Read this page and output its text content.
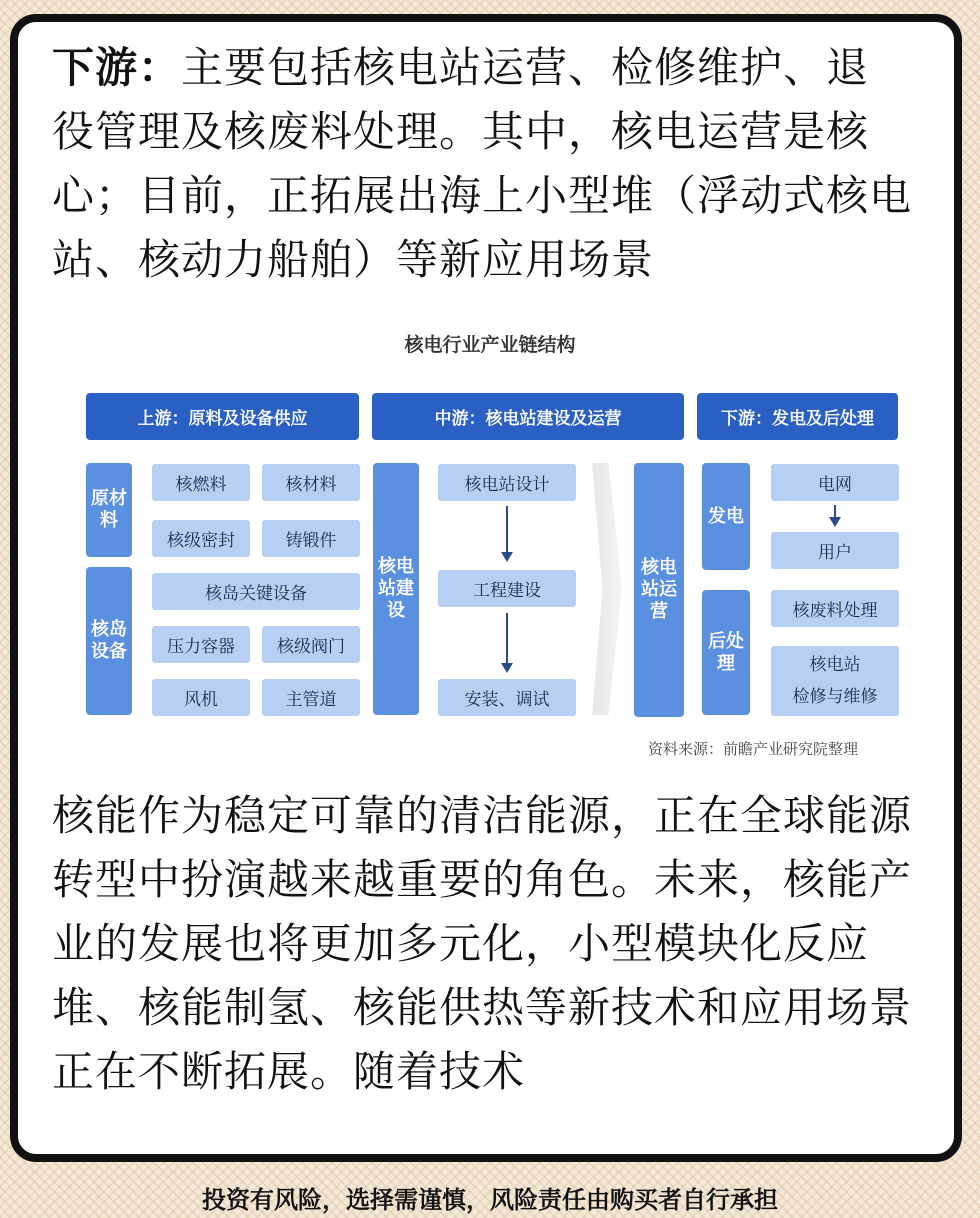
下游：主要包括核电站运营、检修维护、退役管理及核废料处理。其中，核电运营是核心；目前，正拓展出海上小型堆（浮动式核电站、核动力船舶）等新应用场景

核电行业产业链结构
上游：原料及设备供应	中游：核电站建设及运营	下游：发电及后处理
原材料
核岛设备
核燃料	核材料
核级密封	铸锻件
核岛关键设备
压力容器	核级阀门
风机	主管道
核电站建设
核电站设计
工程建设
安装、调试
核电站运营
发电
后处理
电网
用户
核废料处理
核电站
检修与维修
资料来源：前瞻产业研究院整理

核能作为稳定可靠的清洁能源，正在全球能源转型中扮演越来越重要的角色。未来，核能产业的发展也将更加多元化，小型模块化反应堆、核能制氢、核能供热等新技术和应用场景正在不断拓展。随着技术

投资有风险，选择需谨慎，风险责任由购买者自行承担
